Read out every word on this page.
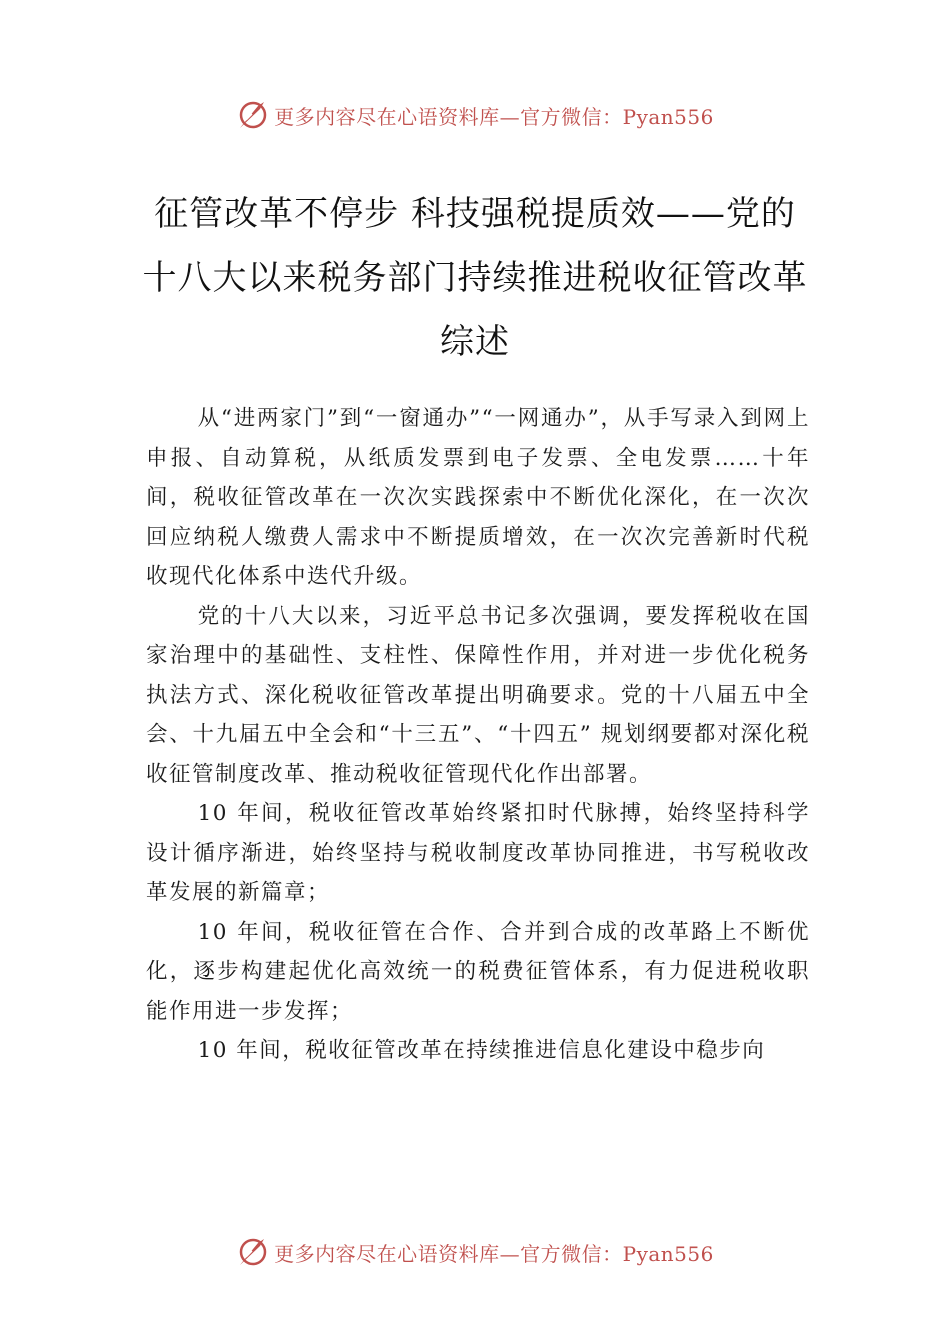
更多内容尽在心语资料库—官方微信：Pyan556
征管改革不停步 科技强税提质效——党的十八大以来税务部门持续推进税收征管改革综述

从“进两家门”到“一窗通办”“一网通办”，从手写录入到网上申报、自动算税，从纸质发票到电子发票、全电发票……十年间，税收征管改革在一次次实践探索中不断优化深化，在一次次回应纳税人缴费人需求中不断提质增效，在一次次完善新时代税收现代化体系中迭代升级。

党的十八大以来，习近平总书记多次强调，要发挥税收在国家治理中的基础性、支柱性、保障性作用，并对进一步优化税务执法方式、深化税收征管改革提出明确要求。党的十八届五中全会、十九届五中全会和“十三五”、“十四五” 规划纲要都对深化税收征管制度改革、推动税收征管现代化作出部署。

10 年间，税收征管改革始终紧扣时代脉搏，始终坚持科学设计循序渐进，始终坚持与税收制度改革协同推进，书写税收改革发展的新篇章；

10 年间，税收征管在合作、合并到合成的改革路上不断优化，逐步构建起优化高效统一的税费征管体系，有力促进税收职能作用进一步发挥；

10 年间，税收征管改革在持续推进信息化建设中稳步向

更多内容尽在心语资料库—官方微信：Pyan556
